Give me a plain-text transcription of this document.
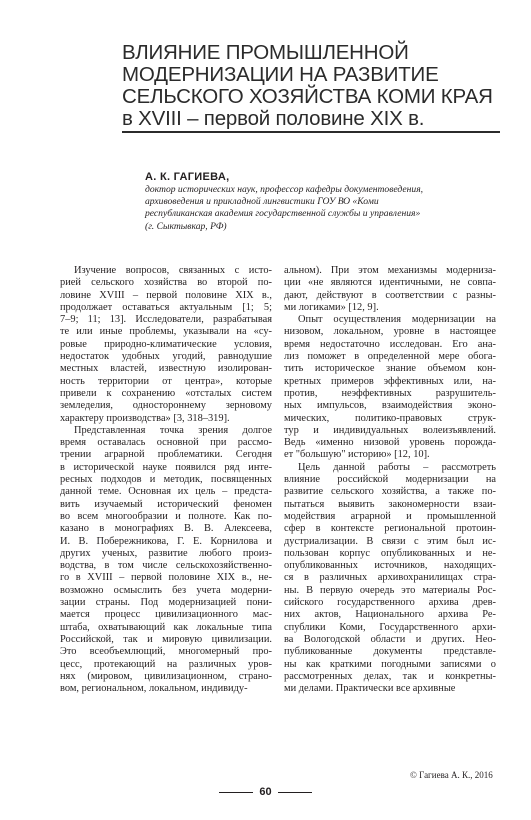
ВЛИЯНИЕ ПРОМЫШЛЕННОЙ
МОДЕРНИЗАЦИИ НА РАЗВИТИЕ
СЕЛЬСКОГО ХОЗЯЙСТВА КОМИ КРАЯ
в XVIII – первой половине XIX в.
А. К. ГАГИЕВА,
доктор исторических наук, профессор кафедры документоведения,
архивоведения и прикладной лингвистики ГОУ ВО «Коми
республиканская академия государственной службы и управления»
(г. Сыктывкар, РФ)
Изучение вопросов, связанных с исто-
рией сельского хозяйства во второй по-
ловине XVIII – первой половине XIX в.,
продолжает оставаться актуальным [1; 5;
7–9; 11; 13]. Исследователи, разрабатывая
те или иные проблемы, указывали на «су-
ровые природно-климатические условия,
недостаток удобных угодий, равнодушие
местных властей, известную изолирован-
ность территории от центра», которые
привели к сохранению «отсталых систем
земледелия, одностороннему зерновому
характеру производства» [3, 318–319].
Представленная точка зрения долгое
время оставалась основной при рассмо-
трении аграрной проблематики. Сегодня
в исторической науке появился ряд инте-
ресных подходов и методик, посвященных
данной теме. Основная их цель – предста-
вить изучаемый исторический феномен
во всем многообразии и полноте. Как по-
казано в монографиях В. В. Алексеева,
И. В. Побережникова, Г. Е. Корнилова и
других ученых, развитие любого произ-
водства, в том числе сельскохозяйственно-
го в XVIII – первой половине XIX в., не-
возможно осмыслить без учета модерни-
зации страны. Под модернизацией пони-
мается процесс цивилизационного мас-
штаба, охватывающий как локальные типа
Российской, так и мировую цивилизации.
Это всеобъемлющий, многомерный про-
цесс, протекающий на различных уров-
нях (мировом, цивилизационном, страно-
вом, региональном, локальном, индивиду-
альном). При этом механизмы модерниза-
ции «не являются идентичными, не совпа-
дают, действуют в соответствии с разны-
ми логиками» [12, 9].
Опыт осуществления модернизации на
низовом, локальном, уровне в настоящее
время недостаточно исследован. Его ана-
лиз поможет в определенной мере обога-
тить историческое знание объемом кон-
кретных примеров эффективных или, на-
против, неэффективных разрушитель-
ных импульсов, взаимодействия эконо-
мических, политико-правовых струк-
тур и индивидуальных волеизъявлений.
Ведь «именно низовой уровень порожда-
ет "большую" историю» [12, 10].
Цель данной работы – рассмотреть
влияние российской модернизации на
развитие сельского хозяйства, а также по-
пытаться выявить закономерности взаи-
модействия аграрной и промышленной
сфер в контексте региональной протоин-
дустриализации. В связи с этим был ис-
пользован корпус опубликованных и не-
опубликованных источников, находящих-
ся в различных архивохранилищах стра-
ны. В первую очередь это материалы Рос-
сийского государственного архива древ-
них актов, Национального архива Ре-
спублики Коми, Государственного архи-
ва Вологодской области и других. Нео-
публикованные документы представле-
ны как краткими погодными записями о
рассмотренных делах, так и конкретны-
ми делами. Практически все архивные
© Гагиева А. К., 2016
60
